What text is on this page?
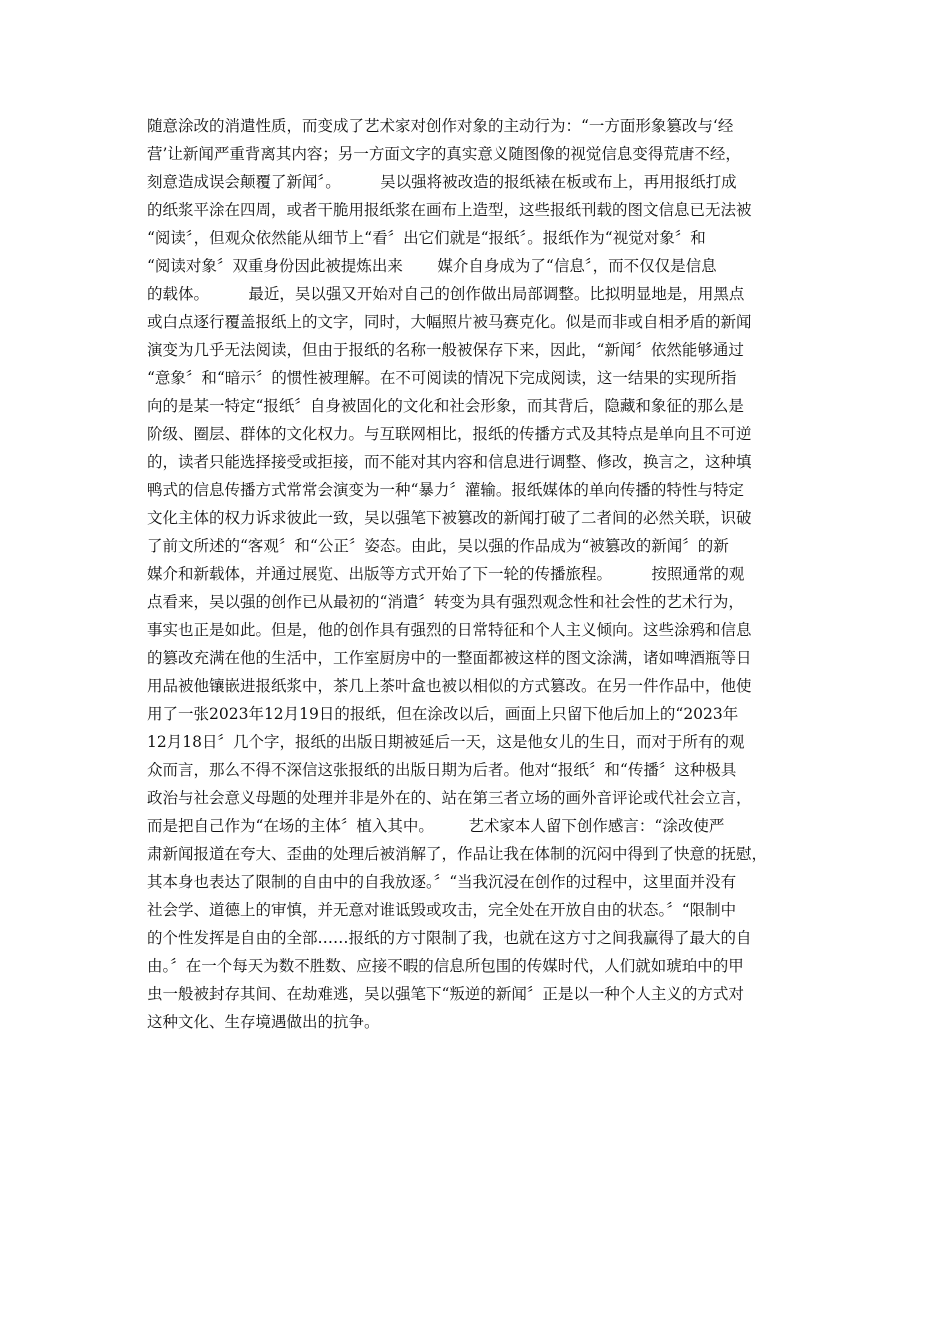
随意涂改的消遣性质，而变成了艺术家对创作对象的主动行为：“一方面形象篡改与‘经
营’让新闻严重背离其内容；另一方面文字的真实意义随图像的视觉信息变得荒唐不经，
刻意造成误会颠覆了新闻〞。        吴以强将被改造的报纸裱在板或布上，再用报纸打成
的纸浆平涂在四周，或者干脆用报纸浆在画布上造型，这些报纸刊载的图文信息已无法被
“阅读〞，但观众依然能从细节上“看〞出它们就是“报纸〞。报纸作为“视觉对象〞和
“阅读对象〞双重身份因此被提炼出来       媒介自身成为了“信息〞，而不仅仅是信息
的载体。        最近，吴以强又开始对自己的创作做出局部调整。比拟明显地是，用黑点
或白点逐行覆盖报纸上的文字，同时，大幅照片被马赛克化。似是而非或自相矛盾的新闻
演变为几乎无法阅读，但由于报纸的名称一般被保存下来，因此，“新闻〞依然能够通过
“意象〞和“暗示〞的惯性被理解。在不可阅读的情况下完成阅读，这一结果的实现所指
向的是某一特定“报纸〞自身被固化的文化和社会形象，而其背后，隐藏和象征的那么是
阶级、圈层、群体的文化权力。与互联网相比，报纸的传播方式及其特点是单向且不可逆
的，读者只能选择接受或拒接，而不能对其内容和信息进行调整、修改，换言之，这种填
鸭式的信息传播方式常常会演变为一种“暴力〞灌输。报纸媒体的单向传播的特性与特定
文化主体的权力诉求彼此一致，吴以强笔下被篡改的新闻打破了二者间的必然关联，识破
了前文所述的“客观〞和“公正〞姿态。由此，吴以强的作品成为“被篡改的新闻〞的新
媒介和新载体，并通过展览、出版等方式开始了下一轮的传播旅程。        按照通常的观
点看来，吴以强的创作已从最初的“消遣〞转变为具有强烈观念性和社会性的艺术行为，
事实也正是如此。但是，他的创作具有强烈的日常特征和个人主义倾向。这些涂鸦和信息
的篡改充满在他的生活中，工作室厨房中的一整面都被这样的图文涂满，诸如啤酒瓶等日
用品被他镶嵌进报纸浆中，茶几上茶叶盒也被以相似的方式篡改。在另一件作品中，他使
用了一张2023年12月19日的报纸，但在涂改以后，画面上只留下他后加上的“2023年
12月18日〞几个字，报纸的出版日期被延后一天，这是他女儿的生日，而对于所有的观
众而言，那么不得不深信这张报纸的出版日期为后者。他对“报纸〞和“传播〞这种极具
政治与社会意义母题的处理并非是外在的、站在第三者立场的画外音评论或代社会立言，
而是把自己作为“在场的主体〞植入其中。       艺术家本人留下创作感言：“涂改使严
肃新闻报道在夸大、歪曲的处理后被消解了，作品让我在体制的沉闷中得到了快意的抚慰，
其本身也表达了限制的自由中的自我放逐。〞“当我沉浸在创作的过程中，这里面并没有
社会学、道德上的审慎，并无意对谁诋毁或攻击，完全处在开放自由的状态。〞“限制中
的个性发挥是自由的全部……报纸的方寸限制了我，也就在这方寸之间我赢得了最大的自
由。〞在一个每天为数不胜数、应接不暇的信息所包围的传媒时代，人们就如琥珀中的甲
虫一般被封存其间、在劫难逃，吴以强笔下“叛逆的新闻〞正是以一种个人主义的方式对
这种文化、生存境遇做出的抗争。
